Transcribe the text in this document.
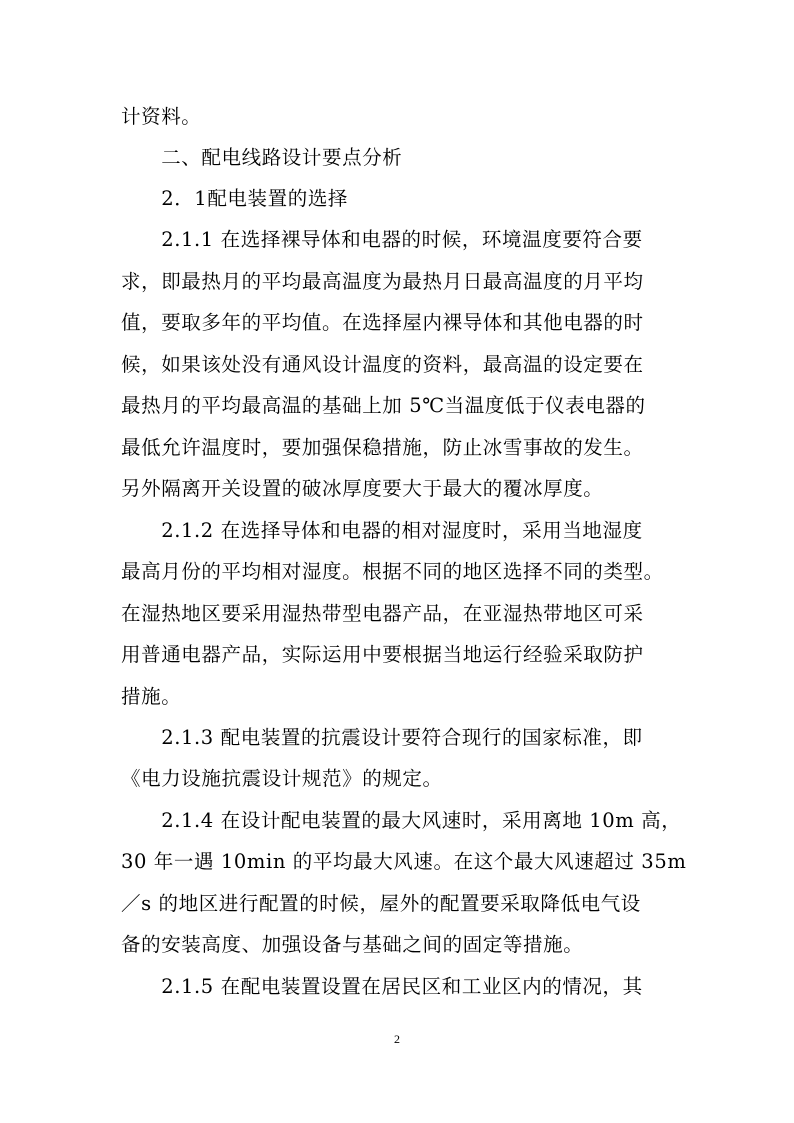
计资料。
　　二、配电线路设计要点分析
　　2．1配电装置的选择
　　2.1.1 在选择裸导体和电器的时候，环境温度要符合要
求，即最热月的平均最高温度为最热月日最高温度的月平均
值，要取多年的平均值。在选择屋内裸导体和其他电器的时
候，如果该处没有通风设计温度的资料，最高温的设定要在
最热月的平均最高温的基础上加 5℃当温度低于仪表电器的
最低允许温度时，要加强保稳措施，防止冰雪事故的发生。
另外隔离开关设置的破冰厚度要大于最大的覆冰厚度。
　　2.1.2 在选择导体和电器的相对湿度时，采用当地湿度
最高月份的平均相对湿度。根据不同的地区选择不同的类型。
在湿热地区要采用湿热带型电器产品，在亚湿热带地区可采
用普通电器产品，实际运用中要根据当地运行经验采取防护
措施。
　　2.1.3 配电装置的抗震设计要符合现行的国家标准，即
《电力设施抗震设计规范》的规定。
　　2.1.4 在设计配电装置的最大风速时，采用离地 10m 高，
30 年一遇 10min 的平均最大风速。在这个最大风速超过 35m
／s 的地区进行配置的时候，屋外的配置要采取降低电气设
备的安装高度、加强设备与基础之间的固定等措施。
　　2.1.5 在配电装置设置在居民区和工业区内的情况，其
2
